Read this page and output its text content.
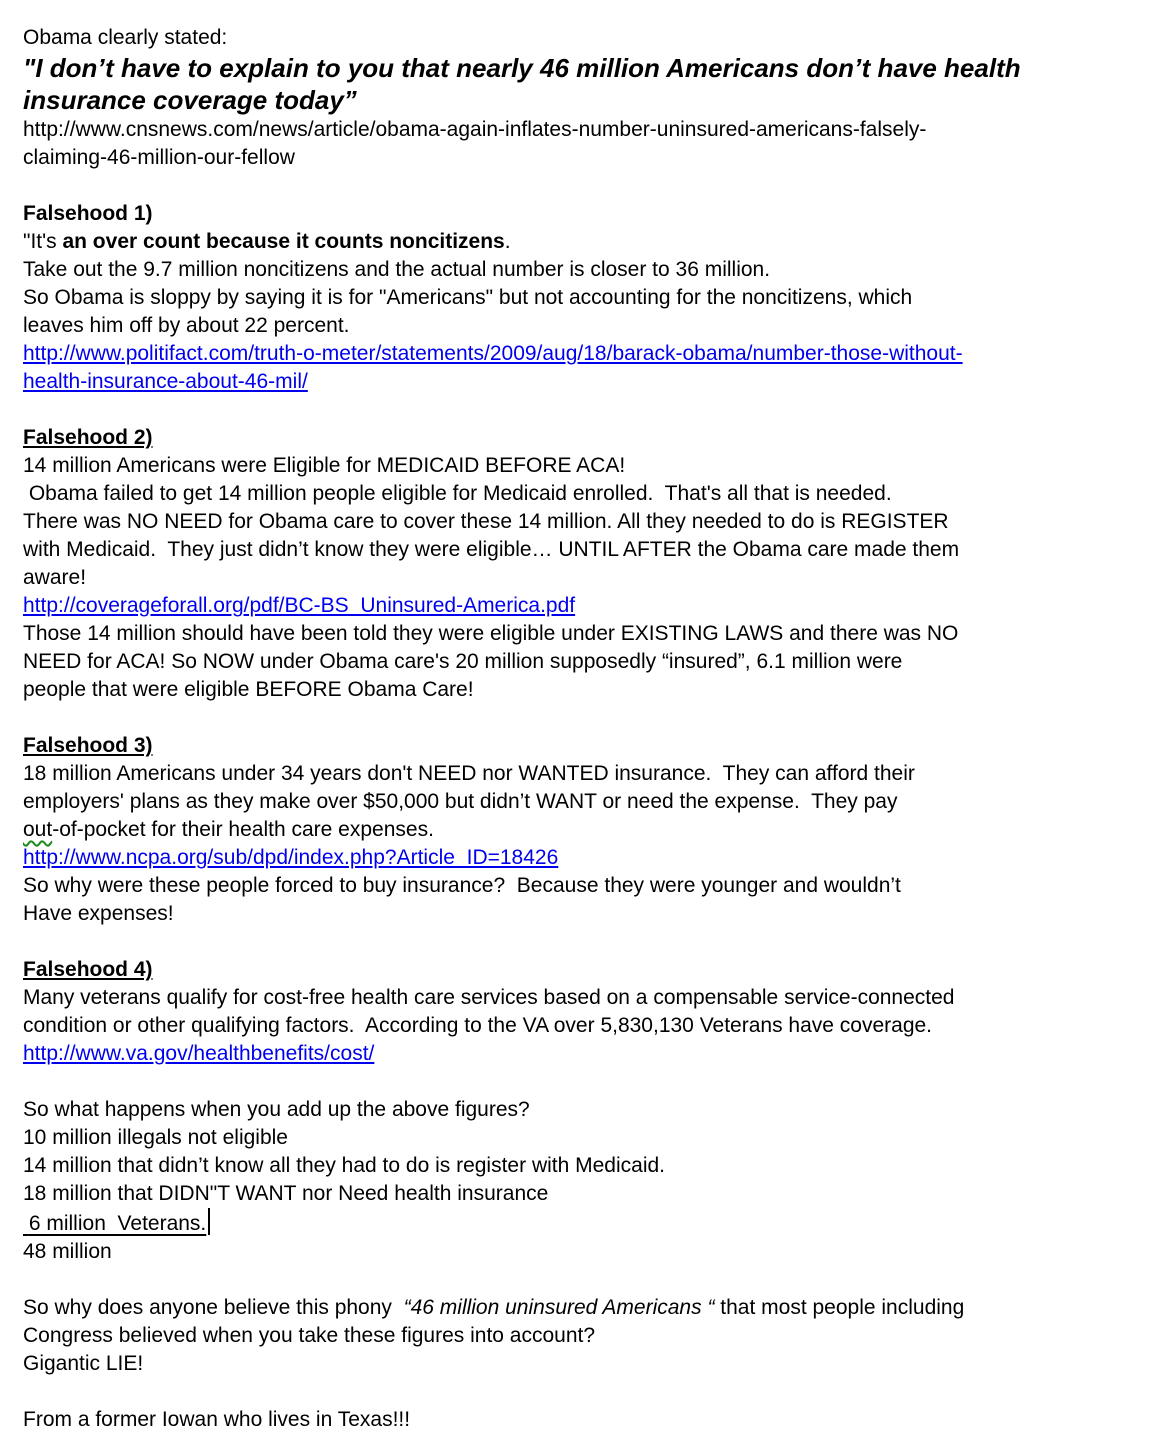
Obama clearly stated:
"I don’t have to explain to you that nearly 46 million Americans don’t have health
insurance coverage today”
http://www.cnsnews.com/news/article/obama-again-inflates-number-uninsured-americans-falsely-
claiming-46-million-our-fellow
Falsehood 1)
"It's an over count because it counts noncitizens.
Take out the 9.7 million noncitizens and the actual number is closer to 36 million.
So Obama is sloppy by saying it is for "Americans" but not accounting for the noncitizens, which
leaves him off by about 22 percent.
http://www.politifact.com/truth-o-meter/statements/2009/aug/18/barack-obama/number-those-without-
health-insurance-about-46-mil/
Falsehood 2)
14 million Americans were Eligible for MEDICAID BEFORE ACA!
Obama failed to get 14 million people eligible for Medicaid enrolled.  That's all that is needed.
There was NO NEED for Obama care to cover these 14 million. All they needed to do is REGISTER
with Medicaid.  They just didn’t know they were eligible… UNTIL AFTER the Obama care made them
aware!
http://coverageforall.org/pdf/BC-BS_Uninsured-America.pdf
Those 14 million should have been told they were eligible under EXISTING LAWS and there was NO
NEED for ACA! So NOW under Obama care's 20 million supposedly “insured”, 6.1 million were
people that were eligible BEFORE Obama Care!
Falsehood 3)
18 million Americans under 34 years don't NEED nor WANTED insurance.  They can afford their
employers' plans as they make over $50,000 but didn’t WANT or need the expense.  They pay
out-of-pocket for their health care expenses.
http://www.ncpa.org/sub/dpd/index.php?Article_ID=18426
So why were these people forced to buy insurance?  Because they were younger and wouldn’t
Have expenses!
Falsehood 4)
Many veterans qualify for cost-free health care services based on a compensable service-connected
condition or other qualifying factors.  According to the VA over 5,830,130 Veterans have coverage.
http://www.va.gov/healthbenefits/cost/
So what happens when you add up the above figures?
10 million illegals not eligible
14 million that didn’t know all they had to do is register with Medicaid.
18 million that DIDN"T WANT nor Need health insurance
6 million  Veterans.
48 million
So why does anyone believe this phony  “46 million uninsured Americans “ that most people including
Congress believed when you take these figures into account?
Gigantic LIE!
From a former Iowan who lives in Texas!!!
